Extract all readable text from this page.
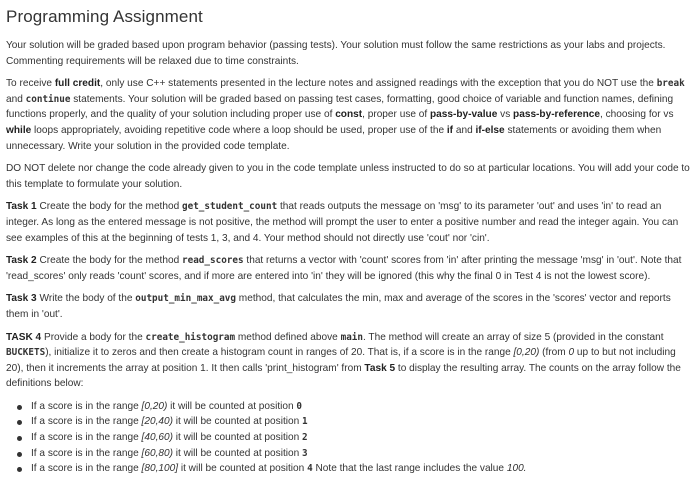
Programming Assignment

Your solution will be graded based upon program behavior (passing tests). Your solution must follow the same restrictions as your labs and projects. Commenting requirements will be relaxed due to time constraints.

To receive full credit, only use C++ statements presented in the lecture notes and assigned readings with the exception that you do NOT use the break and continue statements. Your solution will be graded based on passing test cases, formatting, good choice of variable and function names, defining functions properly, and the quality of your solution including proper use of const, proper use of pass-by-value vs pass-by-reference, choosing for vs while loops appropriately, avoiding repetitive code where a loop should be used, proper use of the if and if-else statements or avoiding them when unnecessary. Write your solution in the provided code template.

DO NOT delete nor change the code already given to you in the code template unless instructed to do so at particular locations. You will add your code to this template to formulate your solution.

Task 1 Create the body for the method get_student_count that reads outputs the message on 'msg' to its parameter 'out' and uses 'in' to read an integer. As long as the entered message is not positive, the method will prompt the user to enter a positive number and read the integer again. You can see examples of this at the beginning of tests 1, 3, and 4. Your method should not directly use 'cout' nor 'cin'.

Task 2 Create the body for the method read_scores that returns a vector with 'count' scores from 'in' after printing the message 'msg' in 'out'. Note that 'read_scores' only reads 'count' scores, and if more are entered into 'in' they will be ignored (this why the final 0 in Test 4 is not the lowest score).

Task 3 Write the body of the output_min_max_avg method, that calculates the min, max and average of the scores in the 'scores' vector and reports them in 'out'.

TASK 4 Provide a body for the create_histogram method defined above main. The method will create an array of size 5 (provided in the constant BUCKETS), initialize it to zeros and then create a histogram count in ranges of 20. That is, if a score is in the range [0,20) (from 0 up to but not including 20), then it increments the array at position 1. It then calls 'print_histogram' from Task 5 to display the resulting array. The counts on the array follow the definitions below:

If a score is in the range [0,20) it will be counted at position 0
If a score is in the range [20,40) it will be counted at position 1
If a score is in the range [40,60) it will be counted at position 2
If a score is in the range [60,80) it will be counted at position 3
If a score is in the range [80,100] it will be counted at position 4 Note that the last range includes the value 100.
